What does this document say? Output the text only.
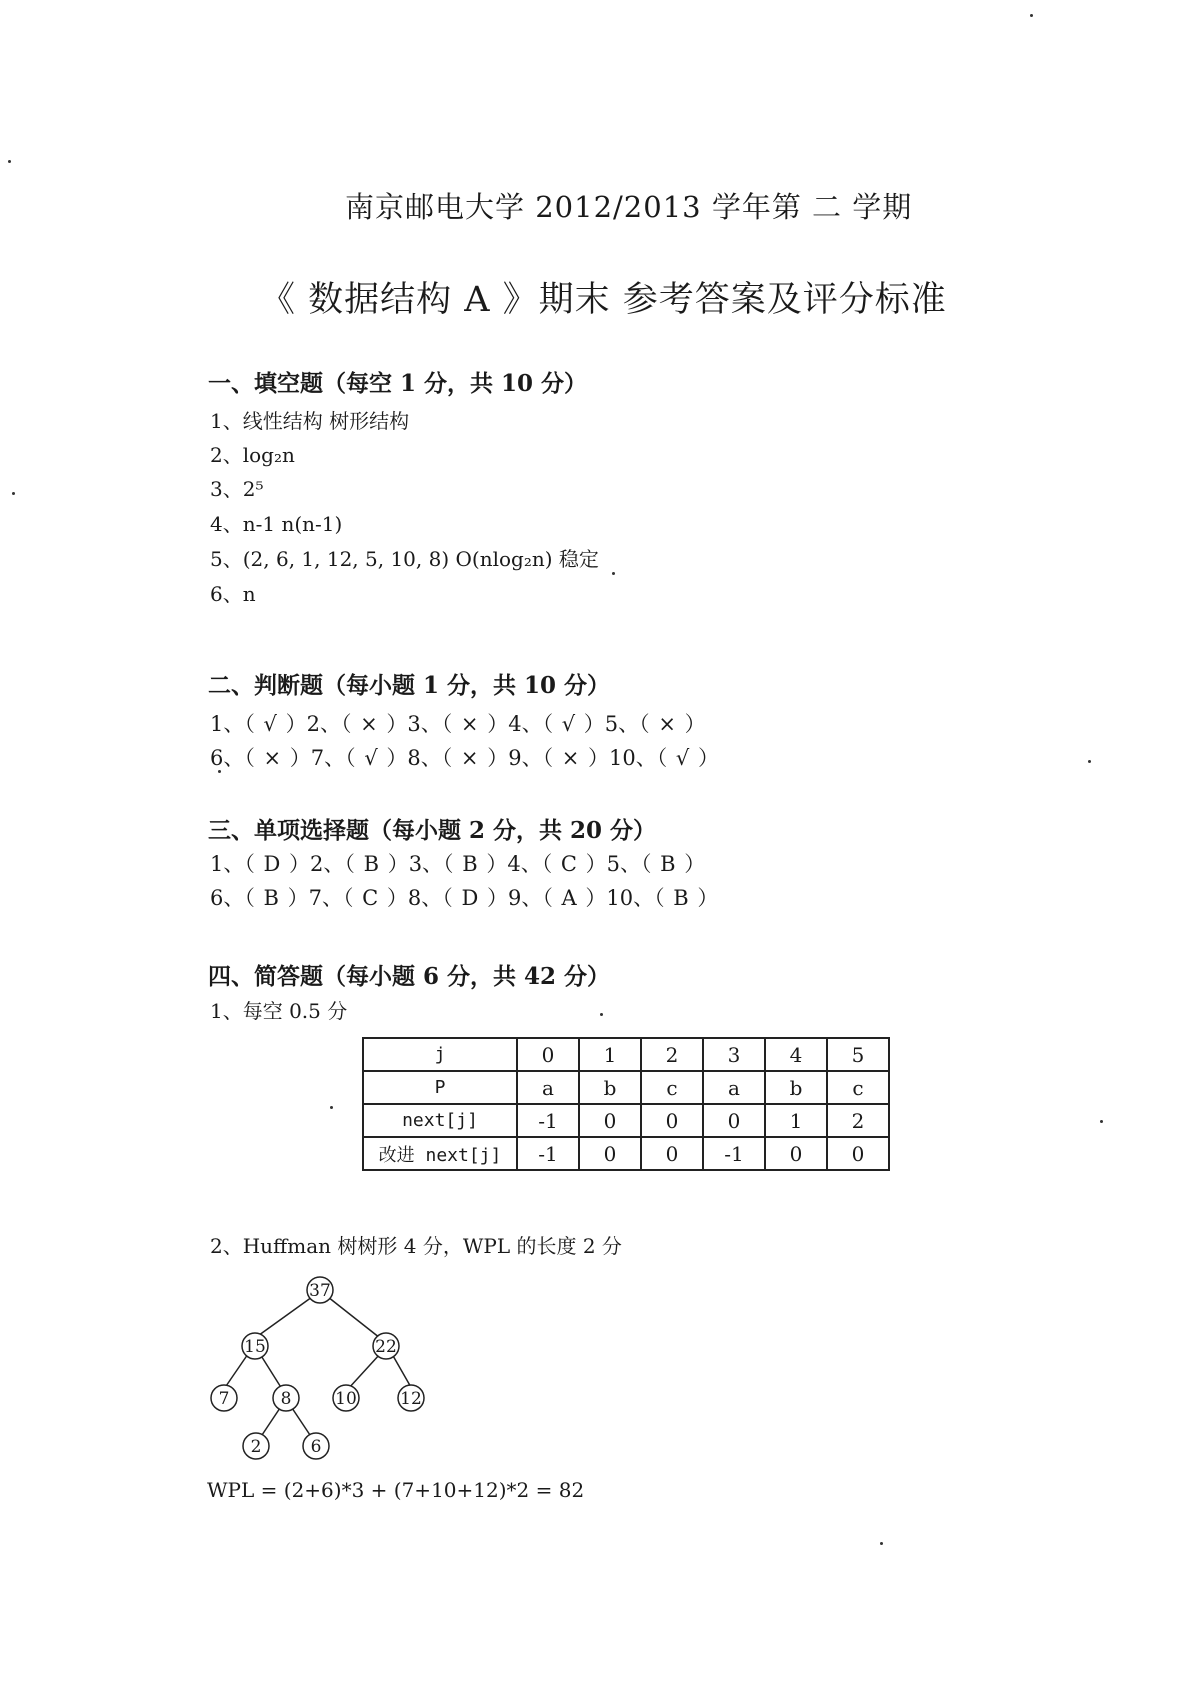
南京邮电大学 2012/2013 学年第 二 学期
《 数据结构 A 》期末 参考答案及评分标准
一、填空题（每空 1 分，共 10 分）
1、线性结构 树形结构
2、log₂n
3、2⁵
4、n-1 n(n-1)
5、(2, 6, 1, 12, 5, 10, 8) O(nlog₂n) 稳定
6、n
二、判断题（每小题 1 分，共 10 分）
1、（ √ ）2、（ × ）3、（ × ）4、（ √ ）5、（ × ）
6、（ × ）7、（ √ ）8、（ × ）9、（ × ）10、（ √ ）
三、单项选择题（每小题 2 分，共 20 分）
1、（ D ）2、（ B ）3、（ B ）4、（ C ）5、（ B ）
6、（ B ）7、（ C ）8、（ D ）9、（ A ）10、（ B ）
四、简答题（每小题 6 分，共 42 分）
1、每空 0.5 分
j	0	1	2	3	4	5
P	a	b	c	a	b	c
next[j]	-1	0	0	0	1	2
改进 next[j]	-1	0	0	-1	0	0
2、Huffman 树树形 4 分，WPL 的长度 2 分
37
15	22
7	8	10	12
2	6
WPL = (2+6)*3 + (7+10+12)*2 = 82
